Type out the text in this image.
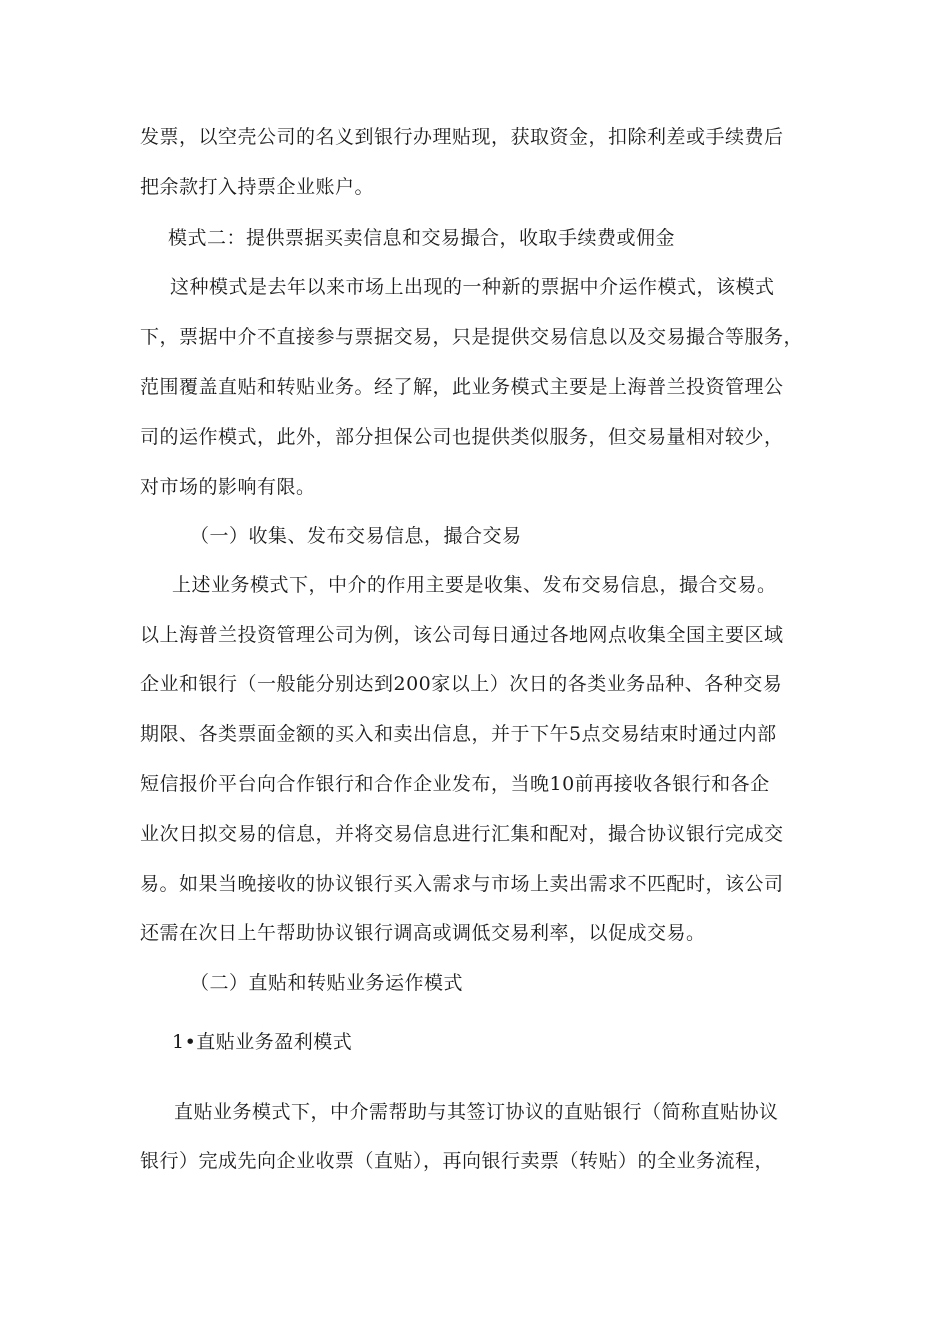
发票，以空壳公司的名义到银行办理贴现，获取资金，扣除利差或手续费后
把余款打入持票企业账户。
模式二：提供票据买卖信息和交易撮合，收取手续费或佣金
这种模式是去年以来市场上出现的一种新的票据中介运作模式，该模式
下，票据中介不直接参与票据交易，只是提供交易信息以及交易撮合等服务，
范围覆盖直贴和转贴业务。经了解，此业务模式主要是上海普兰投资管理公
司的运作模式，此外，部分担保公司也提供类似服务，但交易量相对较少，
对市场的影响有限。
（一）收集、发布交易信息，撮合交易
上述业务模式下，中介的作用主要是收集、发布交易信息，撮合交易。
以上海普兰投资管理公司为例，该公司每日通过各地网点收集全国主要区域
企业和银行（一般能分别达到200家以上）次日的各类业务品种、各种交易
期限、各类票面金额的买入和卖出信息，并于下午5点交易结束时通过内部
短信报价平台向合作银行和合作企业发布，当晚10前再接收各银行和各企
业次日拟交易的信息，并将交易信息进行汇集和配对，撮合协议银行完成交
易。如果当晚接收的协议银行买入需求与市场上卖出需求不匹配时，该公司
还需在次日上午帮助协议银行调高或调低交易利率，以促成交易。
（二）直贴和转贴业务运作模式
1•直贴业务盈利模式
直贴业务模式下，中介需帮助与其签订协议的直贴银行（简称直贴协议
银行）完成先向企业收票（直贴），再向银行卖票（转贴）的全业务流程，
